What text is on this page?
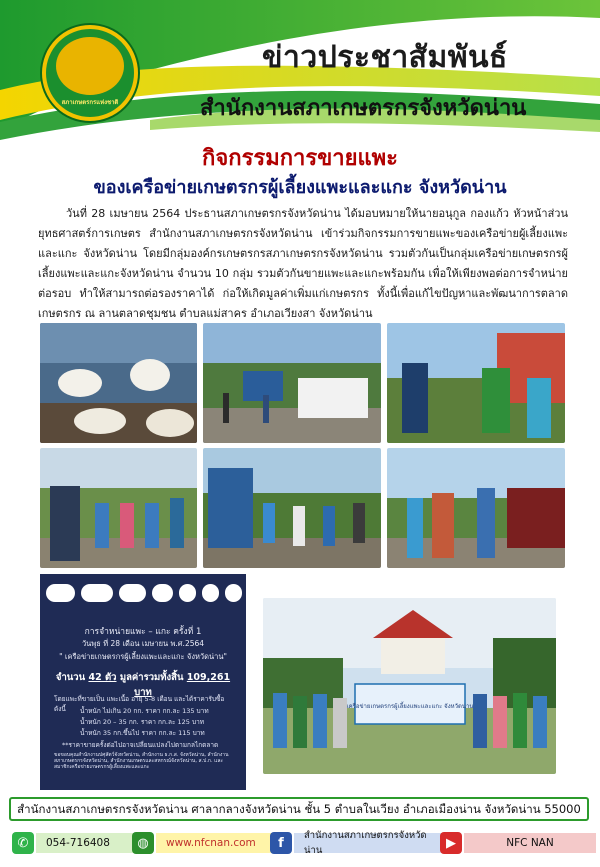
สภาเกษตรกรแห่งชาติ
ข่าวประชาสัมพันธ์
สำนักงานสภาเกษตรกรจังหวัดน่าน
กิจกรรมการขายแพะ
ของเครือข่ายเกษตรกรผู้เลี้ยงแพะและแกะ จังหวัดน่าน
วันที่ 28 เมษายน 2564 ประธานสภาเกษตรกรจังหวัดน่าน ได้มอบหมายให้นายอนุกูล กองแก้ว หัวหน้าส่วนยุทธศาสตร์การเกษตร สำนักงานสภาเกษตรกรจังหวัดน่าน เข้าร่วมกิจกรรมการขายแพะของเครือข่ายผู้เลี้ยงแพะและแกะ จังหวัดน่าน โดยมีกลุ่มองค์กรเกษตรกรสภาเกษตรกรจังหวัดน่าน รวมตัวกันเป็นกลุ่มเครือข่ายเกษตรกรผู้เลี้ยงแพะและแกะจังหวัดน่าน จำนวน 10 กลุ่ม รวมตัวกันขายแพะและแกะพร้อมกัน เพื่อให้เพียงพอต่อการจำหน่ายต่อรอบ ทำให้สามารถต่อรองราคาได้ ก่อให้เกิดมูลค่าเพิ่มแก่เกษตรกร ทั้งนี้เพื่อแก้ไขปัญหาและพัฒนาการตลาดเกษตรกร ณ ลานตลาดชุมชน ตำบลแม่สาคร อำเภอเวียงสา จังหวัดน่าน
การจำหน่ายแพะ – แกะ ครั้งที่ 1
วันพุธ ที่ 28 เดือน เมษายน พ.ศ.2564
" เครือข่ายเกษตรกรผู้เลี้ยงแพะและแกะ จังหวัดน่าน"
จำนวน 42 ตัว มูลค่ารวมทั้งสิ้น 109,261 บาท
โดยแพะที่ขายเป็น แพะเนื้อ อายุ 5-8 เดือน และได้ราคารับซื้อดังนี้	น้ำหนัก ไม่เกิน 20 กก. ราคา กก.ละ 135 บาท
น้ำหนัก 20 – 35 กก. ราคา กก.ละ 125 บาท
น้ำหนัก 35 กก.ขึ้นไป ราคา กก.ละ 115 บาท
**ราคาขายครั้งต่อไปอาจเปลี่ยนแปลงไปตามกลไกตลาด
ขอขอบคุณสำนักงานปศุสัตว์จังหวัดน่าน, สำนักงาน ธ.ก.ส. จังหวัดน่าน, สำนักงานสภาเกษตรกรจังหวัดน่าน, สำนักงานเกษตรและสหกรณ์จังหวัดน่าน, ส.ป.ก. และสมาชิกเครือข่ายเกษตรกรผู้เลี้ยงแพะและแกะ
เครือข่ายเกษตรกรผู้เลี้ยงแพะและแกะ จังหวัดน่าน
สำนักงานสภาเกษตรกรจังหวัดน่าน ศาลากลางจังหวัดน่าน ชั้น 5 ตำบลในเวียง อำเภอเมืองน่าน จังหวัดน่าน 55000
✆	054-716408	◍	www.nfcnan.com	f	สำนักงานสภาเกษตรกรจังหวัดน่าน	▶	NFC NAN
